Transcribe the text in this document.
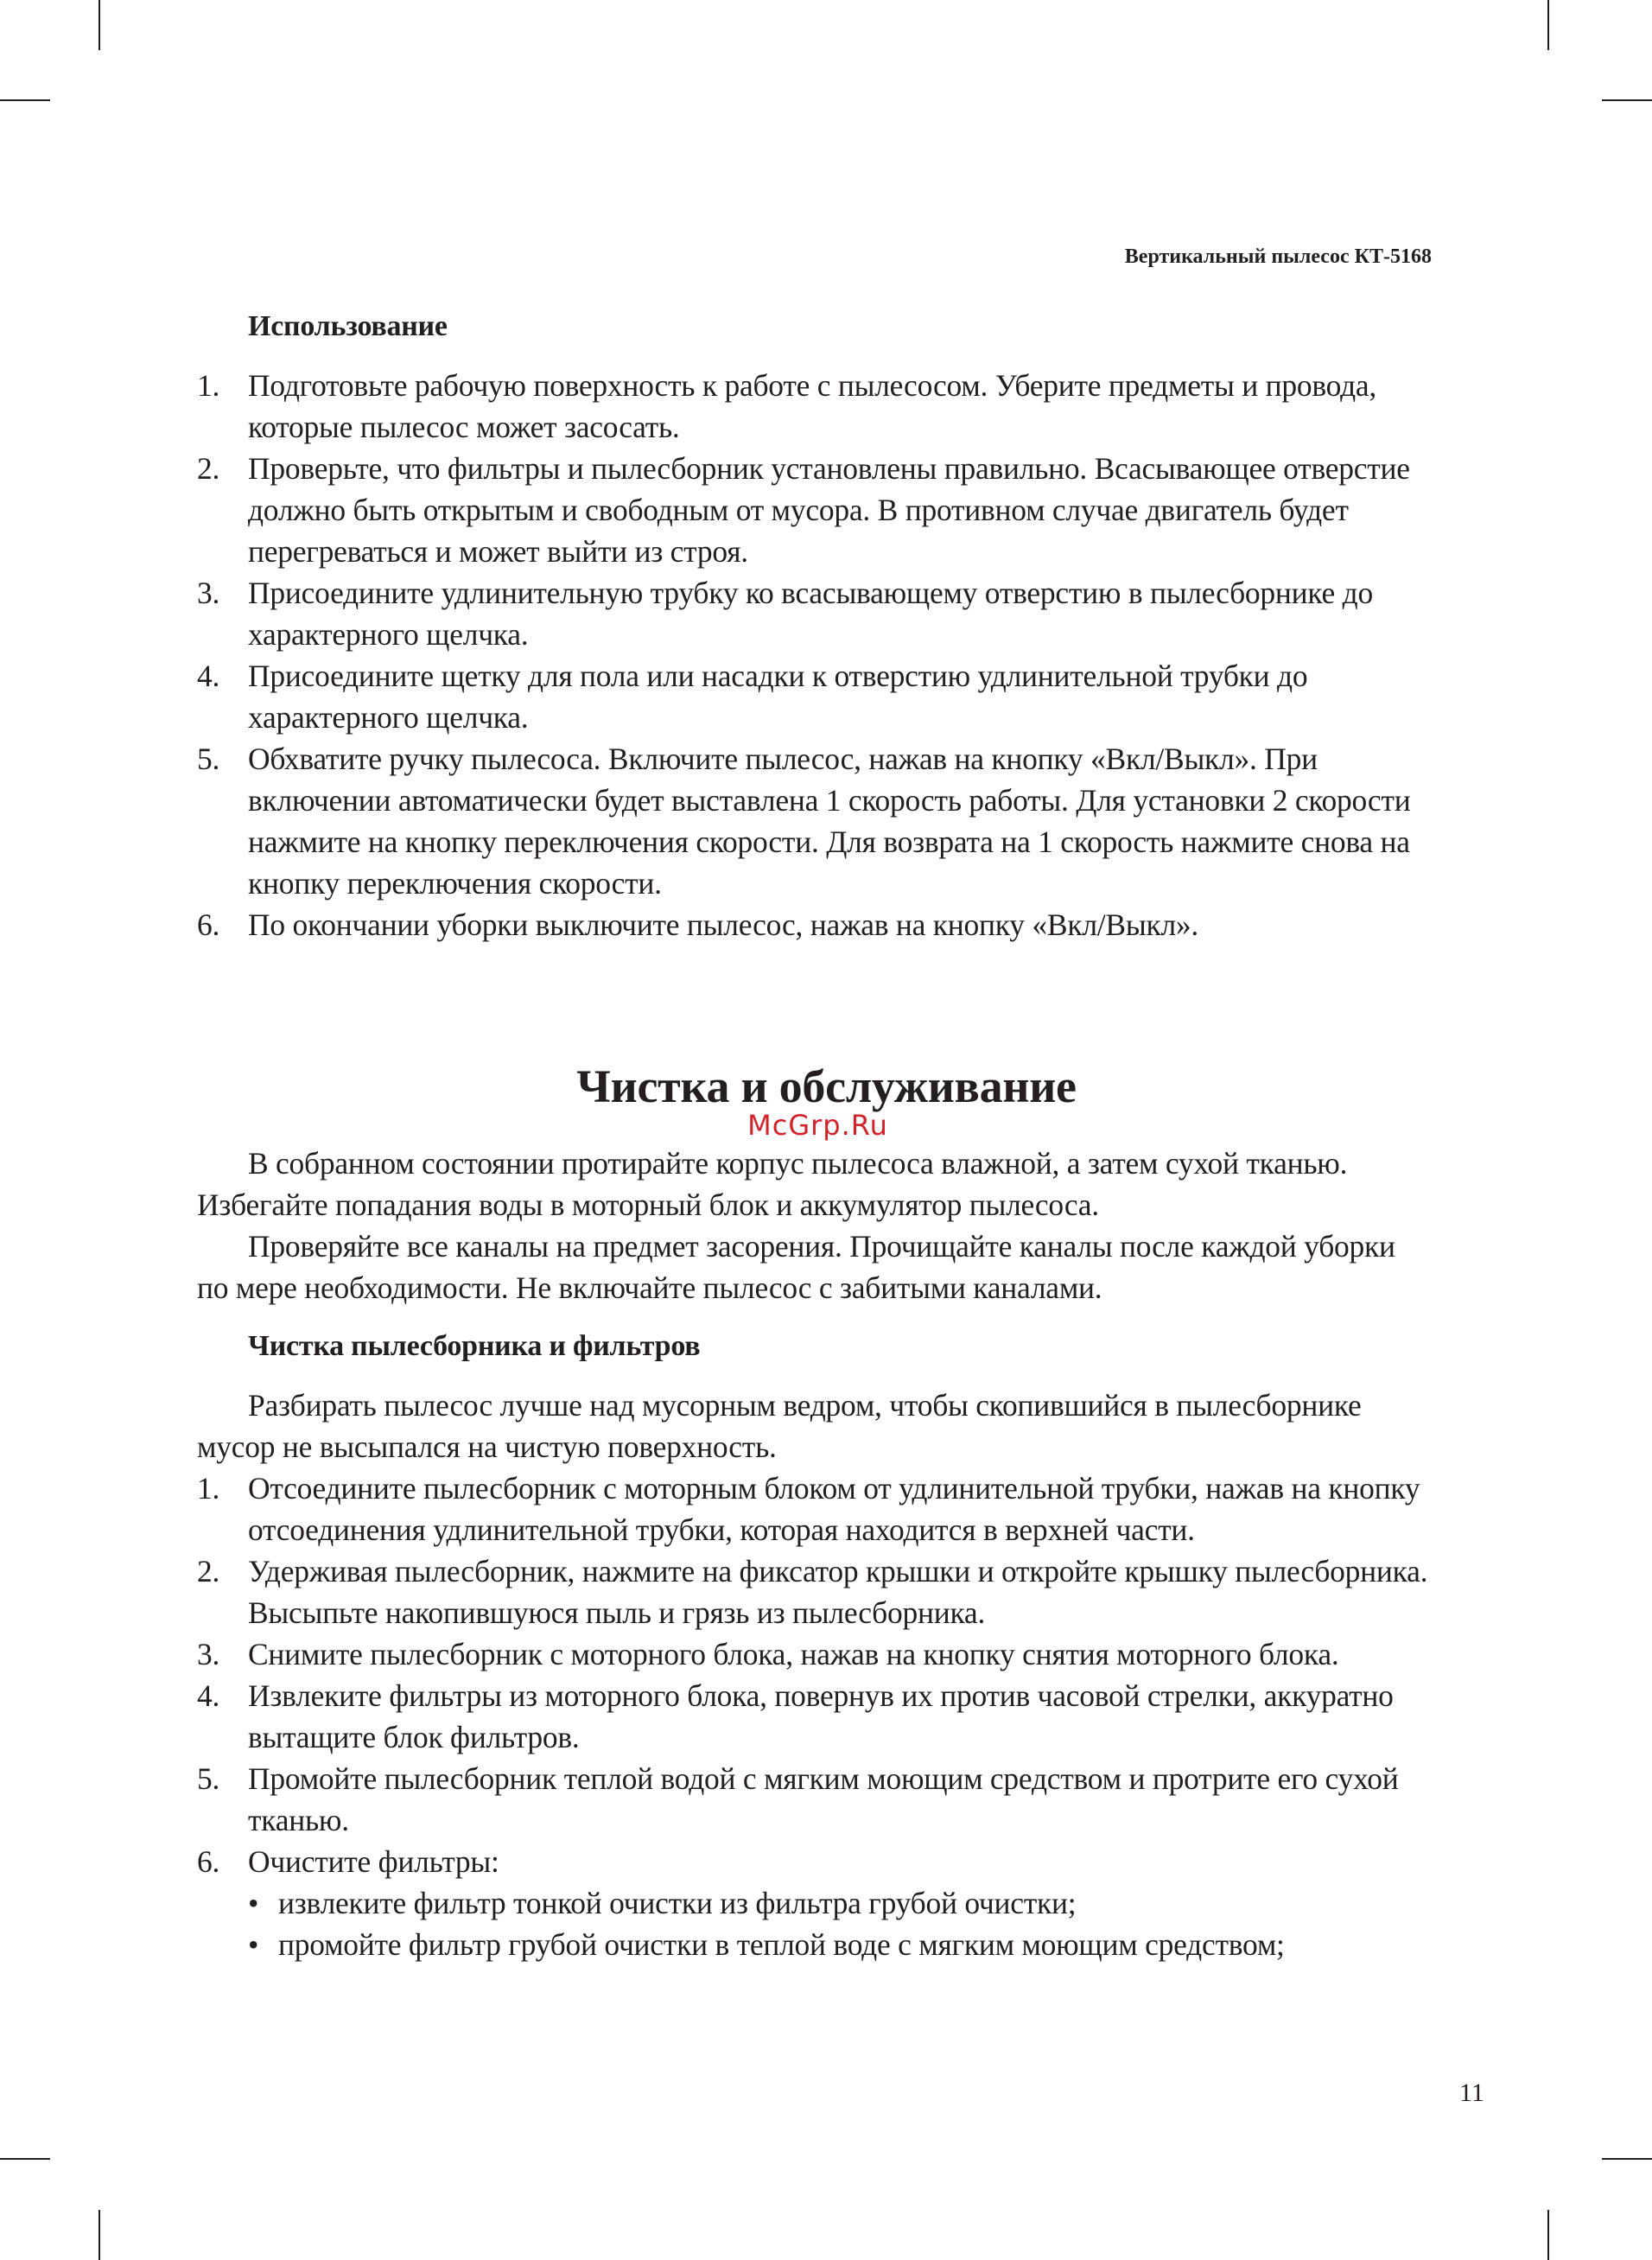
Вертикальный пылесос КТ-5168
Использование
1. Подготовьте рабочую поверхность к работе с пылесосом. Уберите предметы и провода, которые пылесос может засосать.
2. Проверьте, что фильтры и пылесборник установлены правильно. Всасывающее отверстие должно быть открытым и свободным от мусора. В противном случае двигатель будет перегреваться и может выйти из строя.
3. Присоедините удлинительную трубку ко всасывающему отверстию в пылесборнике до характерного щелчка.
4. Присоедините щетку для пола или насадки к отверстию удлинительной трубки до характерного щелчка.
5. Обхватите ручку пылесоса. Включите пылесос, нажав на кнопку «Вкл/Выкл». При включении автоматически будет выставлена 1 скорость работы. Для установки 2 скорости нажмите на кнопку переключения скорости. Для возврата на 1 скорость нажмите снова на кнопку переключения скорости.
6. По окончании уборки выключите пылесос, нажав на кнопку «Вкл/Выкл».
Чистка и обслуживание
McGrp.Ru

В собранном состоянии протирайте корпус пылесоса влажной, а затем сухой тканью. Избегайте попадания воды в моторный блок и аккумулятор пылесоса.

Проверяйте все каналы на предмет засорения. Прочищайте каналы после каждой уборки по мере необходимости. Не включайте пылесос с забитыми каналами.

Чистка пылесборника и фильтров

Разбирать пылесос лучше над мусорным ведром, чтобы скопившийся в пылесборнике мусор не высыпался на чистую поверхность.

1. Отсоедините пылесборник с моторным блоком от удлинительной трубки, нажав на кнопку отсоединения удлинительной трубки, которая находится в верхней части.
2. Удерживая пылесборник, нажмите на фиксатор крышки и откройте крышку пылесборника. Высыпьте накопившуюся пыль и грязь из пылесборника.
3. Снимите пылесборник с моторного блока, нажав на кнопку снятия моторного блока.
4. Извлеките фильтры из моторного блока, повернув их против часовой стрелки, аккуратно вытащите блок фильтров.
5. Промойте пылесборник теплой водой с мягким моющим средством и протрите его сухой тканью.
6. Очистите фильтры:
• извлеките фильтр тонкой очистки из фильтра грубой очистки;
• промойте фильтр грубой очистки в теплой воде с мягким моющим средством;
11
